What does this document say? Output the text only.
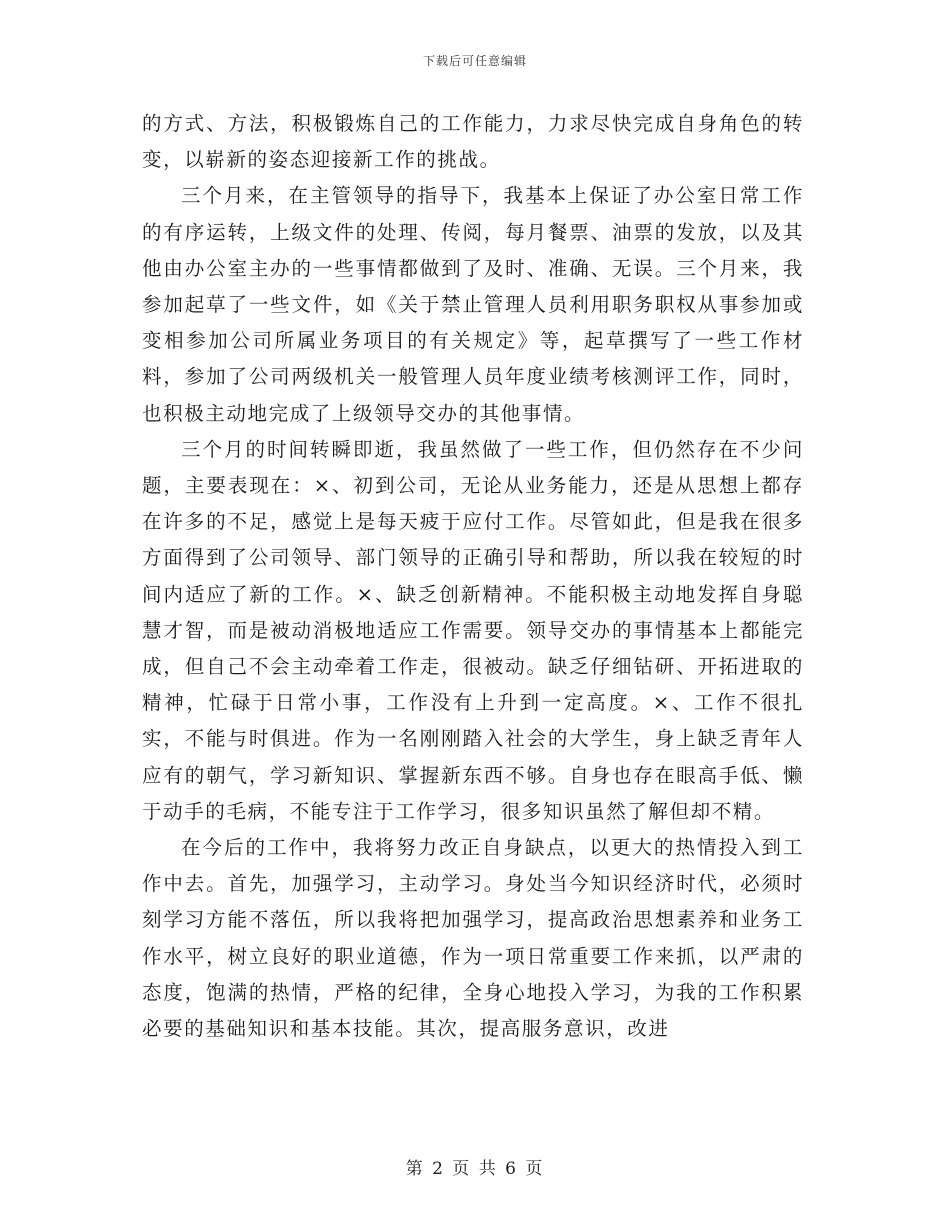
下载后可任意编辑

的方式、方法，积极锻炼自己的工作能力，力求尽快完成自身角色的转变，以崭新的姿态迎接新工作的挑战。

三个月来，在主管领导的指导下，我基本上保证了办公室日常工作的有序运转，上级文件的处理、传阅，每月餐票、油票的发放，以及其他由办公室主办的一些事情都做到了及时、准确、无误。三个月来，我参加起草了一些文件，如《关于禁止管理人员利用职务职权从事参加或变相参加公司所属业务项目的有关规定》等，起草撰写了一些工作材料，参加了公司两级机关一般管理人员年度业绩考核测评工作，同时，也积极主动地完成了上级领导交办的其他事情。

三个月的时间转瞬即逝，我虽然做了一些工作，但仍然存在不少问题，主要表现在：×、初到公司，无论从业务能力，还是从思想上都存在许多的不足，感觉上是每天疲于应付工作。尽管如此，但是我在很多方面得到了公司领导、部门领导的正确引导和帮助，所以我在较短的时间内适应了新的工作。×、缺乏创新精神。不能积极主动地发挥自身聪慧才智，而是被动消极地适应工作需要。领导交办的事情基本上都能完成，但自己不会主动牵着工作走，很被动。缺乏仔细钻研、开拓进取的精神，忙碌于日常小事，工作没有上升到一定高度。×、工作不很扎实，不能与时俱进。作为一名刚刚踏入社会的大学生，身上缺乏青年人应有的朝气，学习新知识、掌握新东西不够。自身也存在眼高手低、懒于动手的毛病，不能专注于工作学习，很多知识虽然了解但却不精。

在今后的工作中，我将努力改正自身缺点，以更大的热情投入到工作中去。首先，加强学习，主动学习。身处当今知识经济时代，必须时刻学习方能不落伍，所以我将把加强学习，提高政治思想素养和业务工作水平，树立良好的职业道德，作为一项日常重要工作来抓，以严肃的态度，饱满的热情，严格的纪律，全身心地投入学习，为我的工作积累必要的基础知识和基本技能。其次，提高服务意识，改进

第 2 页 共 6 页
